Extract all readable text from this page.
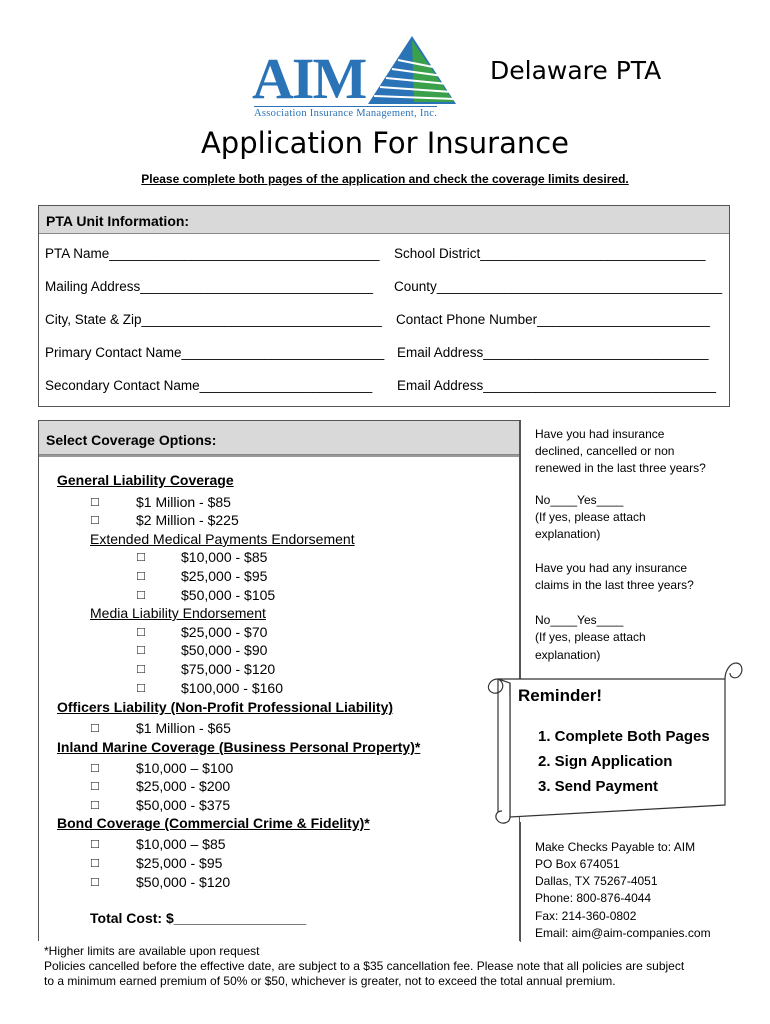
AIM
Association Insurance Management, Inc.
Delaware PTA
Application For Insurance
Please complete both pages of the application and check the coverage limits desired.
PTA Unit Information:
PTA Name____________________________________ School District______________________________
Mailing Address_______________________________ County______________________________________
City, State & Zip________________________________ Contact Phone Number_______________________
Primary Contact Name___________________________ Email Address______________________________
Secondary Contact Name_______________________ Email Address_______________________________
Select Coverage Options:
General Liability Coverage
☐	$1 Million - $85
☐	$2 Million - $225
Extended Medical Payments Endorsement
☐	$10,000 - $85
☐	$25,000 - $95
☐	$50,000 - $105
Media Liability Endorsement
☐	$25,000 - $70
☐	$50,000 - $90
☐	$75,000 - $120
☐	$100,000 - $160
Officers Liability (Non-Profit Professional Liability)
☐	$1 Million - $65
Inland Marine Coverage (Business Personal Property)*
☐	$10,000 – $100
☐	$25,000 - $200
☐	$50,000 - $375
Bond Coverage (Commercial Crime & Fidelity)*
☐	$10,000 – $85
☐	$25,000 - $95
☐	$50,000 - $120
Total Cost: $_________________
Have you had insurance
declined, cancelled or non
renewed in the last three years?
No____Yes____
(If yes, please attach
explanation)
Have you had any insurance
claims in the last three years?
No____Yes____
(If yes, please attach
explanation)
Reminder!
1. Complete Both Pages
2. Sign Application
3. Send Payment
Make Checks Payable to: AIM
PO Box 674051
Dallas, TX 75267-4051
Phone: 800-876-4044
Fax: 214-360-0802
Email: aim@aim-companies.com
*Higher limits are available upon request
Policies cancelled before the effective date, are subject to a $35 cancellation fee. Please note that all policies are subject
to a minimum earned premium of 50% or $50, whichever is greater, not to exceed the total annual premium.
